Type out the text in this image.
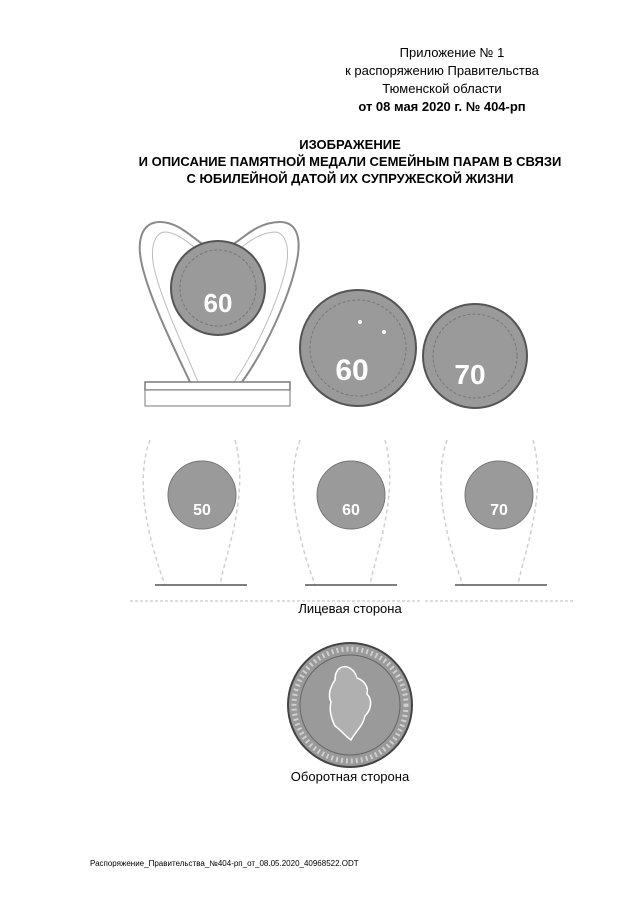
Приложение № 1
к распоряжению Правительства
Тюменской области
от 08 мая 2020 г. № 404-рп
ИЗОБРАЖЕНИЕ
И ОПИСАНИЕ ПАМЯТНОЙ МЕДАЛИ СЕМЕЙНЫМ ПАРАМ В СВЯЗИ
С ЮБИЛЕЙНОЙ ДАТОЙ ИХ СУПРУЖЕСКОЙ ЖИЗНИ
60
60	70
50	60	70
Лицевая сторона
Оборотная сторона
Распоряжение_Правительства_№404-рп_от_08.05.2020_40968522.ODT
